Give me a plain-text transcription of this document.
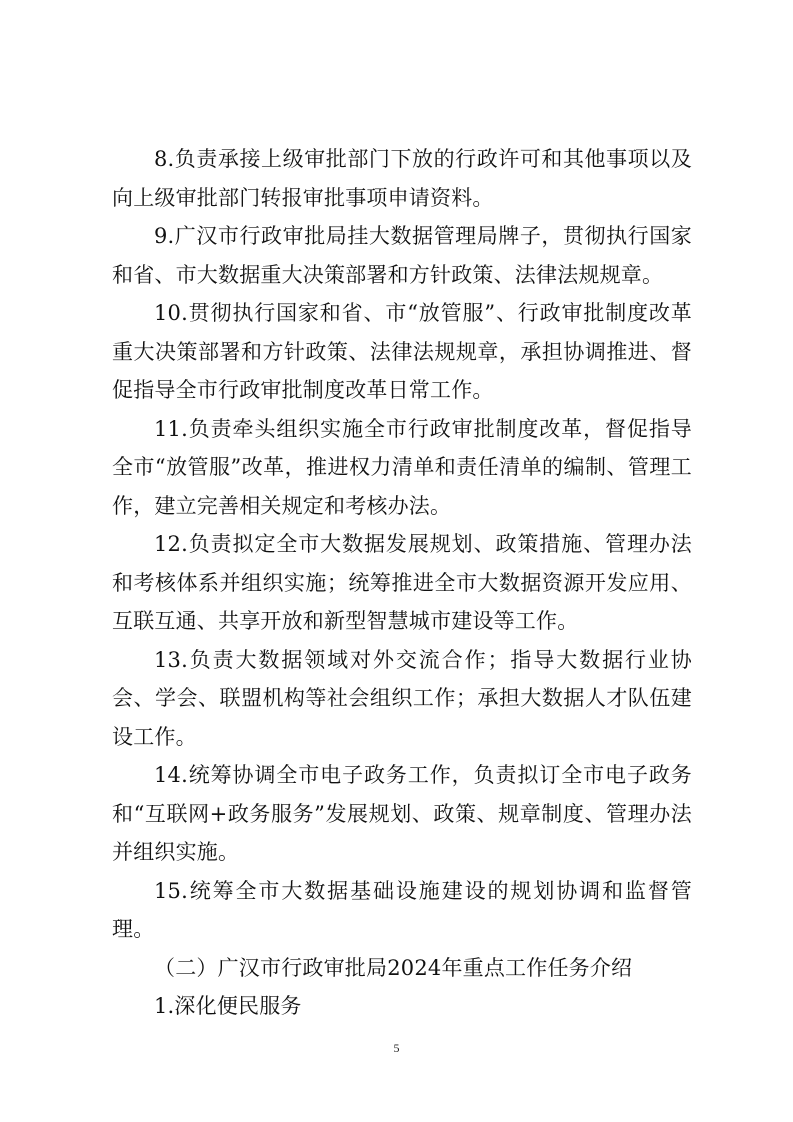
8.负责承接上级审批部门下放的行政许可和其他事项以及向上级审批部门转报审批事项申请资料。

9.广汉市行政审批局挂大数据管理局牌子，贯彻执行国家和省、市大数据重大决策部署和方针政策、法律法规规章。

10.贯彻执行国家和省、市“放管服”、行政审批制度改革重大决策部署和方针政策、法律法规规章，承担协调推进、督促指导全市行政审批制度改革日常工作。

11.负责牵头组织实施全市行政审批制度改革，督促指导全市“放管服”改革，推进权力清单和责任清单的编制、管理工作，建立完善相关规定和考核办法。

12.负责拟定全市大数据发展规划、政策措施、管理办法和考核体系并组织实施；统筹推进全市大数据资源开发应用、互联互通、共享开放和新型智慧城市建设等工作。

13.负责大数据领域对外交流合作；指导大数据行业协会、学会、联盟机构等社会组织工作；承担大数据人才队伍建设工作。

14.统筹协调全市电子政务工作，负责拟订全市电子政务和“互联网+政务服务”发展规划、政策、规章制度、管理办法并组织实施。

15.统筹全市大数据基础设施建设的规划协调和监督管理。

（二）广汉市行政审批局2024年重点工作任务介绍

1.深化便民服务

5
